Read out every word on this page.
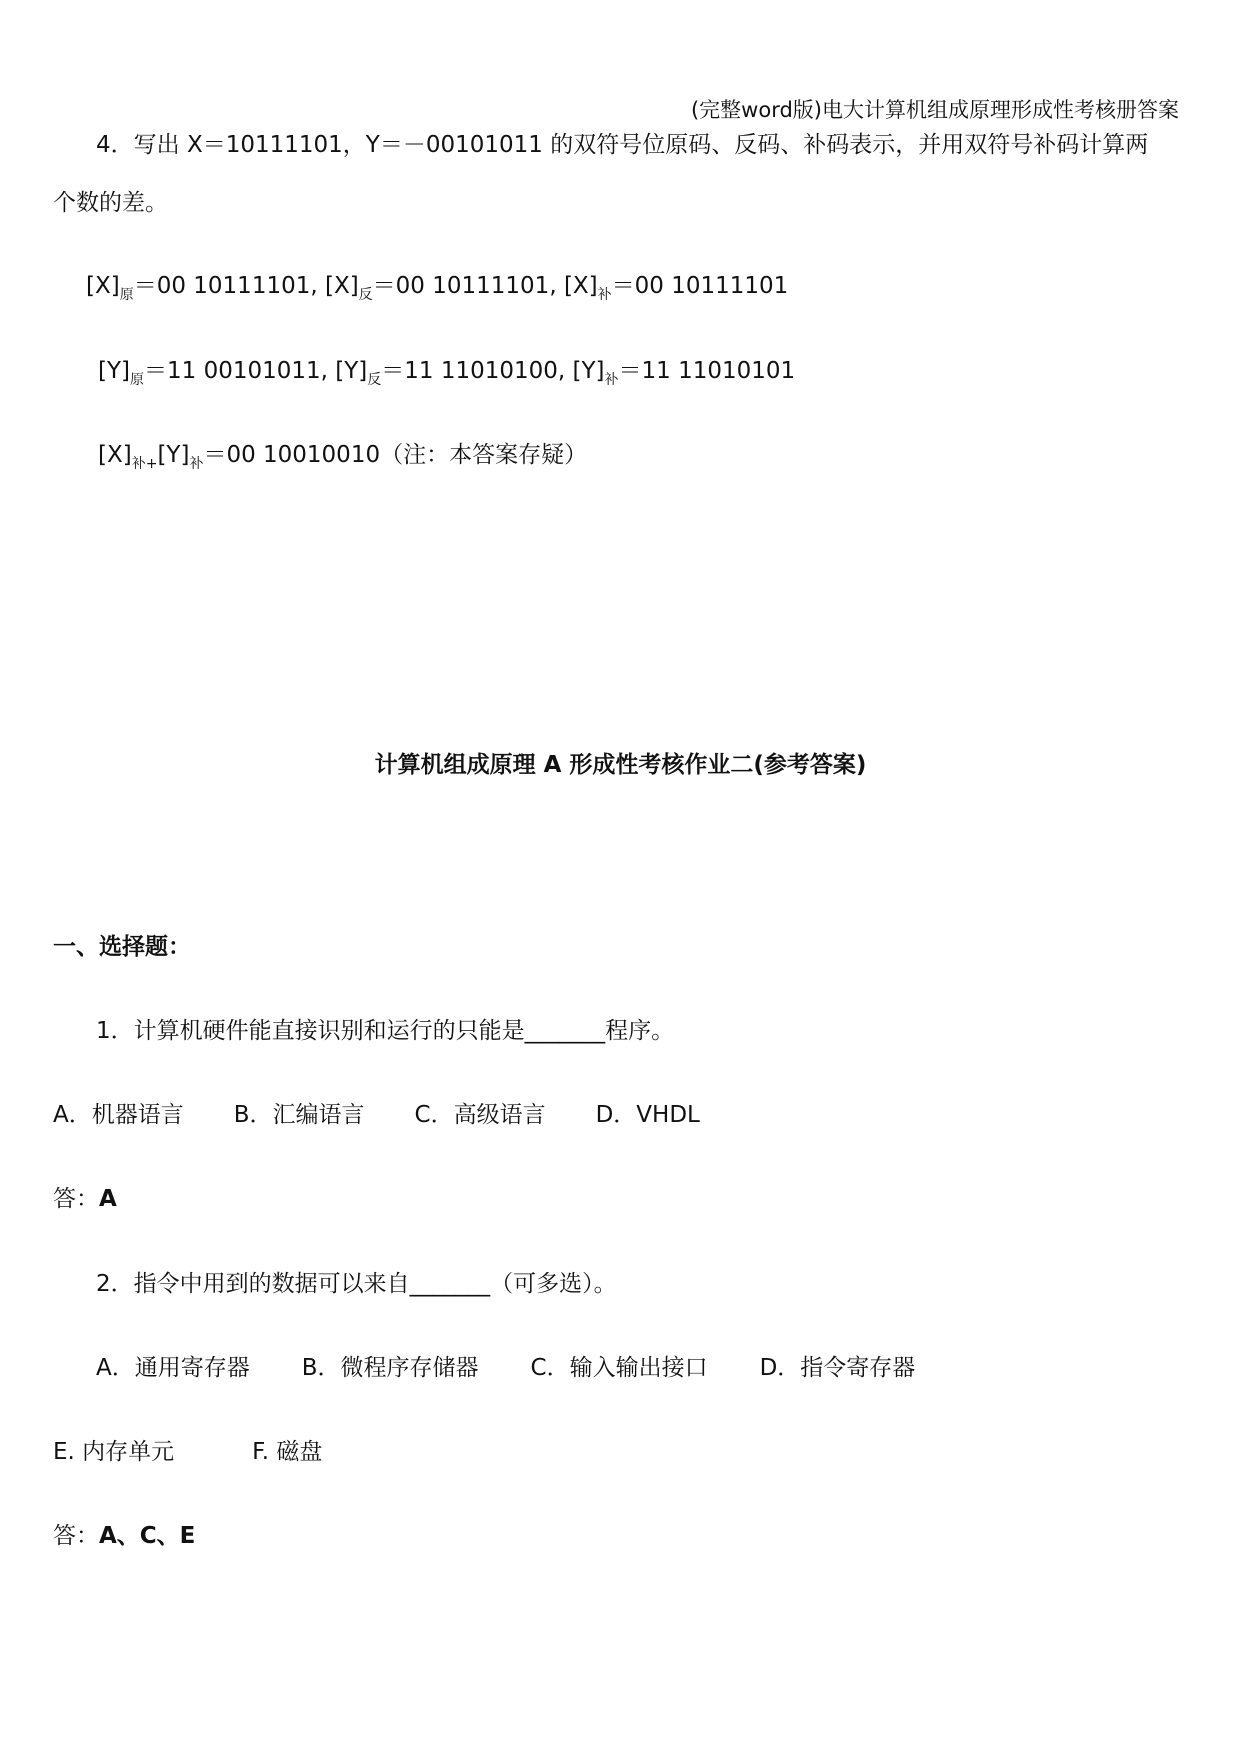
(完整word版)电大计算机组成原理形成性考核册答案
4．写出 X＝10111101，Y＝－00101011 的双符号位原码、反码、补码表示，并用双符号补码计算两
个数的差。
$[X]_原=00$ 10111101, $[X]_反=00$ 10111101, $[X]_补=00$ 10111101
$[Y]_原=11$ 00101011, $[Y]_反=11$ 11010100, $[Y]_补=11$ 11010101
$[X]_{补+}[Y]_补=00$ 10010010（注：本答案存疑）
计算机组成原理 A 形成性考核作业二(参考答案)
一、选择题：
1．计算机硬件能直接识别和运行的只能是_______程序。
A．机器语言 B．汇编语言 C．高级语言 D．VHDL
答：A
2．指令中用到的数据可以来自_______（可多选）。
A．通用寄存器 B．微程序存储器 C．输入输出接口 D．指令寄存器
E. 内存单元	F. 磁盘
答：A、C、E
